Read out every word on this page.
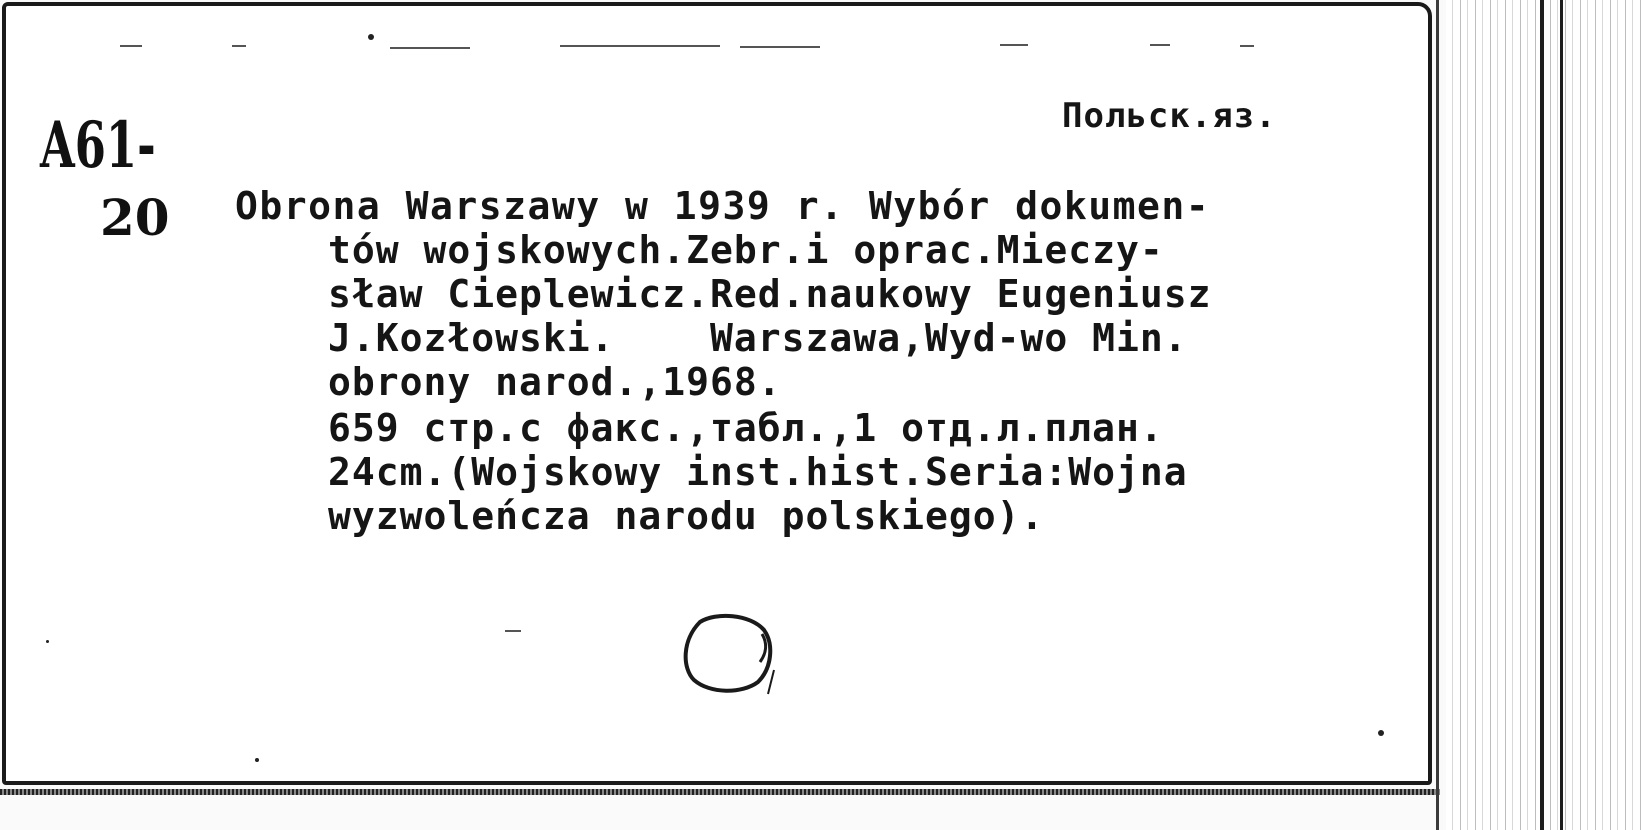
A61-
20
Польск.яз.
Obrona Warszawy w 1939 r. Wybór dokumen-
tów wojskowych.Zebr.i oprac.Mieczy-
sław Cieplewicz.Red.naukowy Eugeniusz
J.Kozłowski.    Warszawa,Wyd-wo Min.
obrony narod.,1968.
659 стр.с факс.,табл.,1 отд.л.план.
24cm.(Wojskowy inst.hist.Seria:Wojna
wyzwoleńcza narodu polskiego).
